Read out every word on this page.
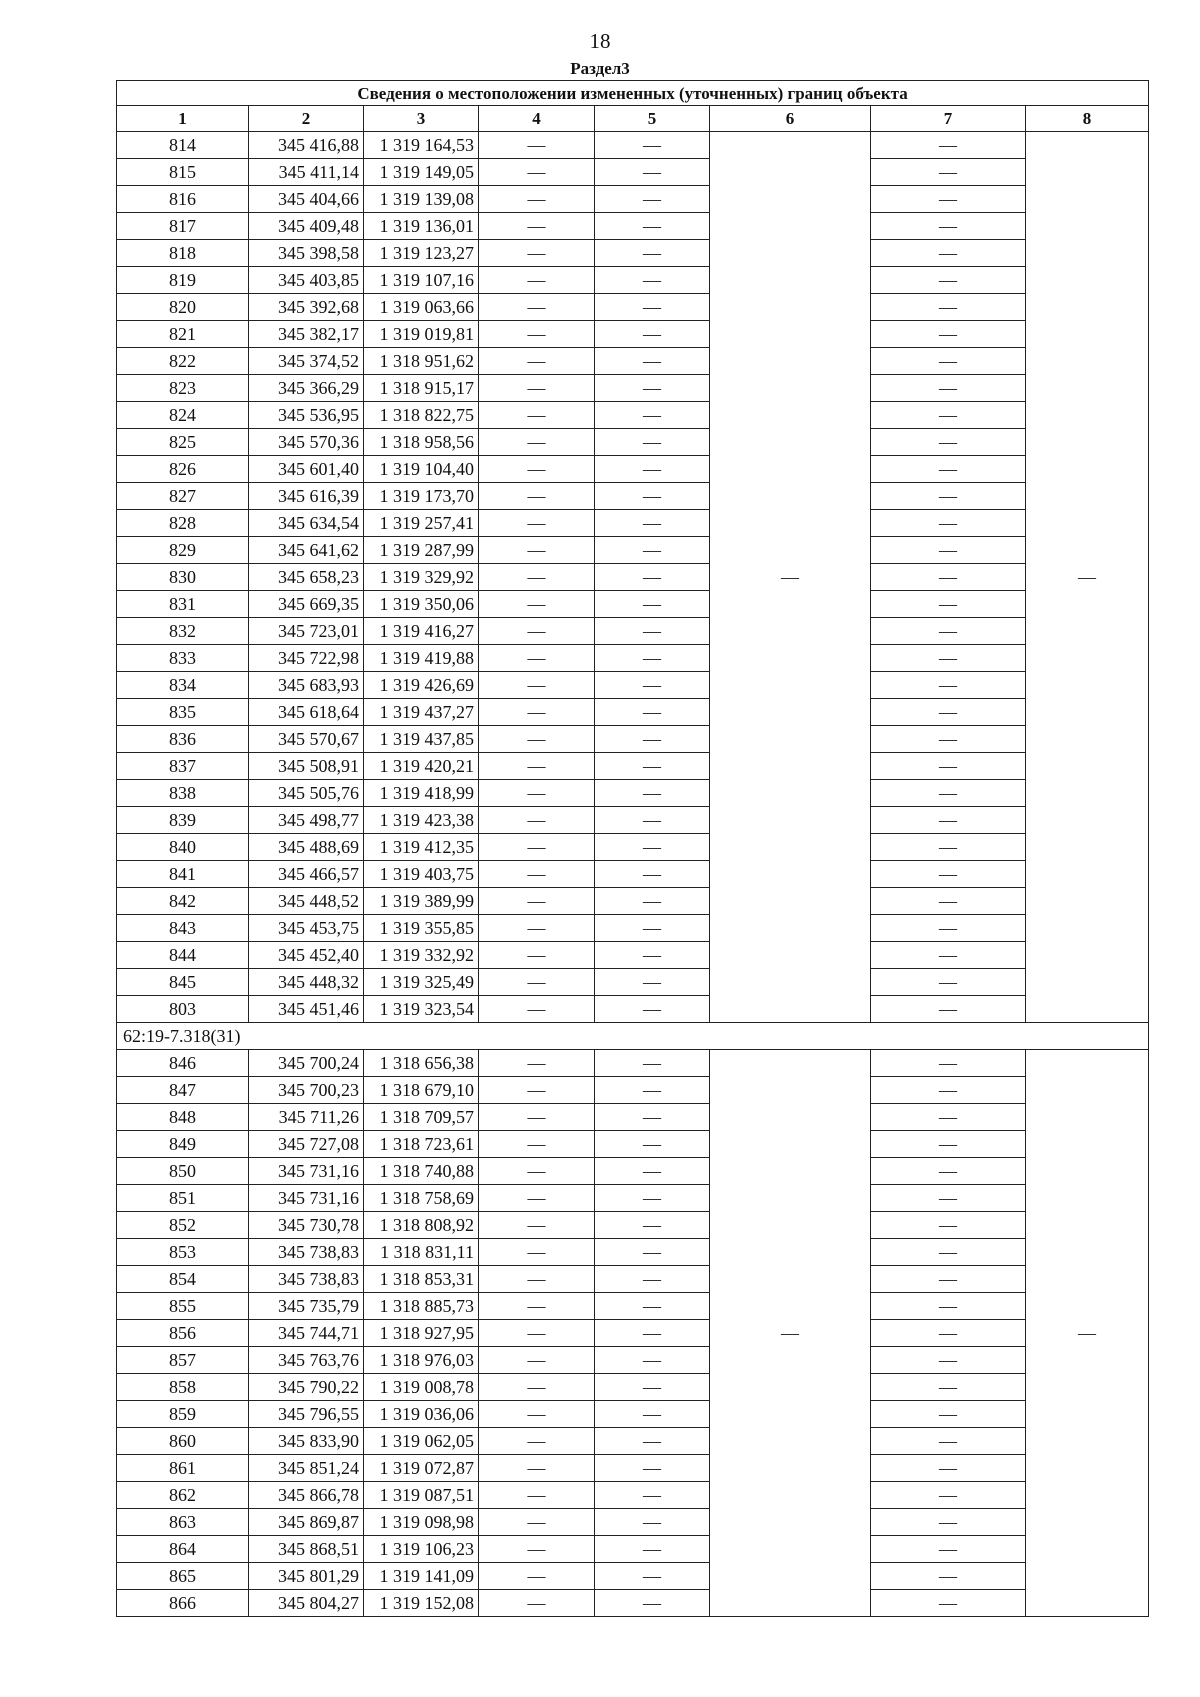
18
Раздел3
Сведения о местоположении измененных (уточненных) границ объекта							
1	2	3	4	5	6	7	8
814	345 416,88	1 319 164,53	—	—	—	—	—
815	345 411,14	1 319 149,05	—	—		—	
816	345 404,66	1 319 139,08	—	—		—	
817	345 409,48	1 319 136,01	—	—		—	
818	345 398,58	1 319 123,27	—	—		—	
819	345 403,85	1 319 107,16	—	—		—	
820	345 392,68	1 319 063,66	—	—		—	
821	345 382,17	1 319 019,81	—	—		—	
822	345 374,52	1 318 951,62	—	—		—	
823	345 366,29	1 318 915,17	—	—		—	
824	345 536,95	1 318 822,75	—	—		—	
825	345 570,36	1 318 958,56	—	—		—	
826	345 601,40	1 319 104,40	—	—		—	
827	345 616,39	1 319 173,70	—	—		—	
828	345 634,54	1 319 257,41	—	—		—	
829	345 641,62	1 319 287,99	—	—		—	
830	345 658,23	1 319 329,92	—	—		—	
831	345 669,35	1 319 350,06	—	—		—	
832	345 723,01	1 319 416,27	—	—		—	
833	345 722,98	1 319 419,88	—	—		—	
834	345 683,93	1 319 426,69	—	—		—	
835	345 618,64	1 319 437,27	—	—		—	
836	345 570,67	1 319 437,85	—	—		—	
837	345 508,91	1 319 420,21	—	—		—	
838	345 505,76	1 319 418,99	—	—		—	
839	345 498,77	1 319 423,38	—	—		—	
840	345 488,69	1 319 412,35	—	—		—	
841	345 466,57	1 319 403,75	—	—		—	
842	345 448,52	1 319 389,99	—	—		—	
843	345 453,75	1 319 355,85	—	—		—	
844	345 452,40	1 319 332,92	—	—		—	
845	345 448,32	1 319 325,49	—	—		—	
803	345 451,46	1 319 323,54	—	—		—	
62:19-7.318(31)							
846	345 700,24	1 318 656,38	—	—	—	—	—
847	345 700,23	1 318 679,10	—	—		—	
848	345 711,26	1 318 709,57	—	—		—	
849	345 727,08	1 318 723,61	—	—		—	
850	345 731,16	1 318 740,88	—	—		—	
851	345 731,16	1 318 758,69	—	—		—	
852	345 730,78	1 318 808,92	—	—		—	
853	345 738,83	1 318 831,11	—	—		—	
854	345 738,83	1 318 853,31	—	—		—	
855	345 735,79	1 318 885,73	—	—		—	
856	345 744,71	1 318 927,95	—	—		—	
857	345 763,76	1 318 976,03	—	—		—	
858	345 790,22	1 319 008,78	—	—		—	
859	345 796,55	1 319 036,06	—	—		—	
860	345 833,90	1 319 062,05	—	—		—	
861	345 851,24	1 319 072,87	—	—		—	
862	345 866,78	1 319 087,51	—	—		—	
863	345 869,87	1 319 098,98	—	—		—	
864	345 868,51	1 319 106,23	—	—		—	
865	345 801,29	1 319 141,09	—	—		—	
866	345 804,27	1 319 152,08	—	—		—	
